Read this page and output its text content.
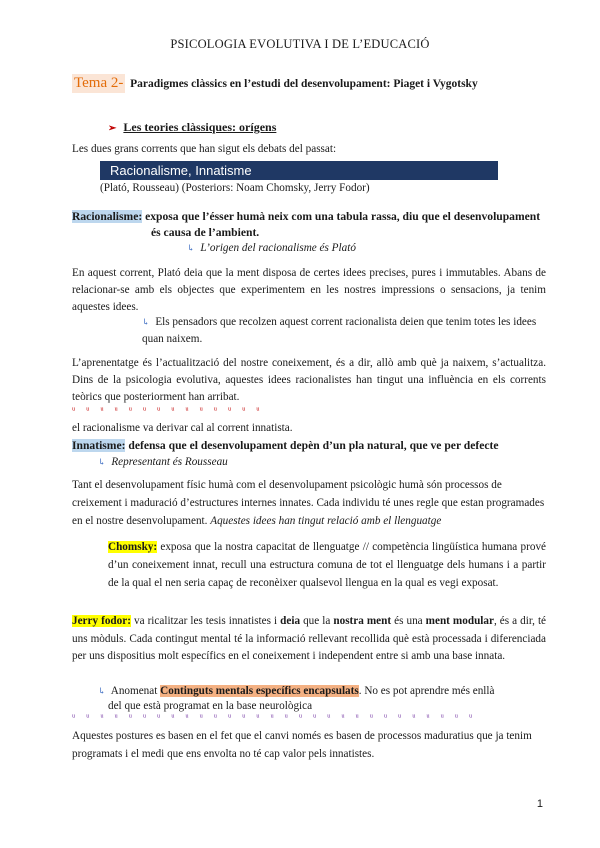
PSICOLOGIA EVOLUTIVA I DE L’EDUCACIÓ
Tema 2- Paradigmes clàssics en l’estudi del desenvolupament: Piaget i Vygotsky
➢ Les teories clàssiques: orígens
Les dues grans corrents que han sigut els debats del passat:
Racionalisme, Innatisme
(Plató, Rousseau) (Posteriors: Noam Chomsky, Jerry Fodor)
Racionalisme: exposa que l’ésser humà neix com una tabula rassa, diu que el desenvolupament
és causa de l’ambient.
↳ L’origen del racionalisme és Plató
En aquest corrent, Plató deia que la ment disposa de certes idees precises, pures i immutables. Abans de relacionar-se amb els objectes que experimentem en les nostres impressions o sensacions, ja tenim aquestes idees.
↳ Els pensadors que recolzen aquest corrent racionalista deien que tenim totes les idees quan naixem.
L’aprenentatge és l’actualització del nostre coneixement, és a dir, allò amb què ja naixem, s’actualitza. Dins de la psicologia evolutiva, aquestes idees racionalistes han tingut una influència en els corrents teòrics que posteriorment han arribat.
ᵘ ᵘ ᵘ ᵘ ᵘ ᵘ ᵘ ᵘ ᵘ ᵘ ᵘ ᵘ ᵘ ᵘ
el racionalisme va derivar cal al corrent innatista.
Innatisme: defensa que el desenvolupament depèn d’un pla natural, que ve per defecte
↳ Representant és Rousseau
Tant el desenvolupament físic humà com el desenvolupament psicològic humà són processos de creixement i maduració d’estructures internes innates. Cada individu té unes regle que estan programades en el nostre desenvolupament. Aquestes idees han tingut relació amb el llenguatge
Chomsky: exposa que la nostra capacitat de llenguatge // competència lingüística humana prové d’un coneixement innat, recull una estructura comuna de tot el llenguatge dels humans i a partir de la qual el nen seria capaç de reconèixer qualsevol llengua en la qual es vegi exposat.
Jerry fodor: va ricalitzar les tesis innatistes i deia que la nostra ment és una ment modular, és a dir, té uns mòduls. Cada contingut mental té la informació rellevant recollida què està processada i diferenciada per uns dispositius molt específics en el coneixement i independent entre si amb una base innata.
↳ Anomenat Continguts mentals específics encapsulats. No es pot aprendre més enllà
del que està programat en la base neurològica
ᵘ ᵘ ᵘ ᵘ ᵘ ᵘ ᵘ ᵘ ᵘ ᵘ ᵘ ᵘ ᵘ ᵘ ᵘ ᵘ ᵘ ᵘ ᵘ ᵘ ᵘ ᵘ ᵘ ᵘ ᵘ ᵘ ᵘ ᵘ ᵘ
Aquestes postures es basen en el fet que el canvi només es basen de processos maduratius que ja tenim programats i el medi que ens envolta no té cap valor pels innatistes.
1
